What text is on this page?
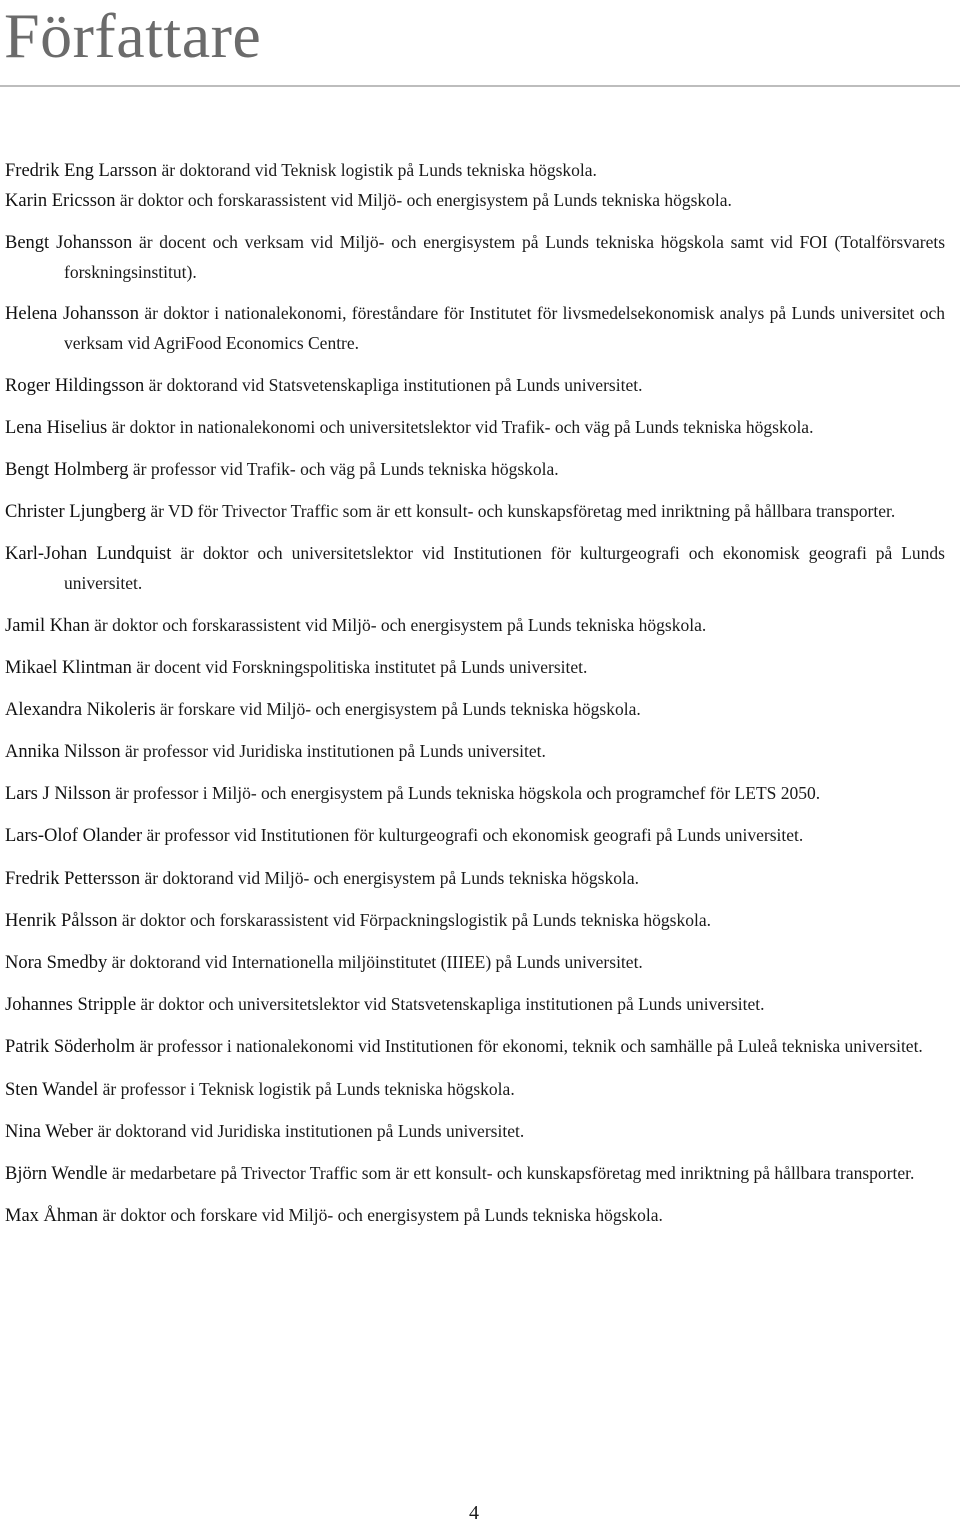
Författare

Fredrik Eng Larsson är doktorand vid Teknisk logistik på Lunds tekniska högskola.

Karin Ericsson är doktor och forskarassistent vid Miljö- och energisystem på Lunds tekniska högskola.

Bengt Johansson är docent och verksam vid Miljö- och energisystem på Lunds tekniska högskola samt vid FOI (Totalförsvarets forskningsinstitut).

Helena Johansson är doktor i nationalekonomi, föreståndare för Institutet för livsmedelsekonomisk analys på Lunds universitet och verksam vid AgriFood Economics Centre.

Roger Hildingsson är doktorand vid Statsvetenskapliga institutionen på Lunds universitet.

Lena Hiselius är doktor in nationalekonomi och universitetslektor vid Trafik- och väg på Lunds tekniska högskola.

Bengt Holmberg är professor vid Trafik- och väg på Lunds tekniska högskola.

Christer Ljungberg är VD för Trivector Traffic som är ett konsult- och kunskapsföretag med inriktning på hållbara transporter.

Karl-Johan Lundquist är doktor och universitetslektor vid Institutionen för kulturgeografi och ekonomisk geografi på Lunds universitet.

Jamil Khan är doktor och forskarassistent vid Miljö- och energisystem på Lunds tekniska högskola.

Mikael Klintman är docent vid Forskningspolitiska institutet på Lunds universitet.

Alexandra Nikoleris är forskare vid Miljö- och energisystem på Lunds tekniska högskola.

Annika Nilsson är professor vid Juridiska institutionen på Lunds universitet.

Lars J Nilsson är professor i Miljö- och energisystem på Lunds tekniska högskola och programchef för LETS 2050.

Lars-Olof Olander är professor vid Institutionen för kulturgeografi och ekonomisk geografi på Lunds universitet.

Fredrik Pettersson är doktorand vid Miljö- och energisystem på Lunds tekniska högskola.

Henrik Pålsson är doktor och forskarassistent vid Förpackningslogistik på Lunds tekniska högskola.

Nora Smedby är doktorand vid Internationella miljöinstitutet (IIIEE) på Lunds universitet.

Johannes Stripple är doktor och universitetslektor vid Statsvetenskapliga institutionen på Lunds universitet.

Patrik Söderholm är professor i nationalekonomi vid Institutionen för ekonomi, teknik och samhälle på Luleå tekniska universitet.

Sten Wandel är professor i Teknisk logistik på Lunds tekniska högskola.

Nina Weber är doktorand vid Juridiska institutionen på Lunds universitet.

Björn Wendle är medarbetare på Trivector Traffic som är ett konsult- och kunskapsföretag med inriktning på hållbara transporter.

Max Åhman är doktor och forskare vid Miljö- och energisystem på Lunds tekniska högskola.

4
